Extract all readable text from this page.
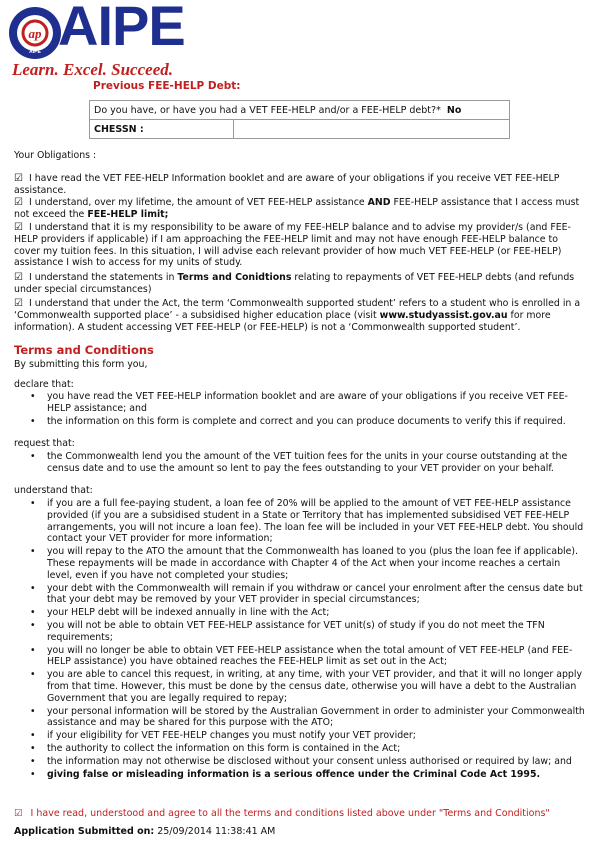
ap
AIPE AIPE
Learn. Excel. Succeed.
Previous FEE-HELP Debt:
Do you have, or have you had a VET FEE-HELP and/or a FEE-HELP debt?* No
CHESSN :	
Your Obligations :
☑ I have read the VET FEE-HELP Information booklet and are aware of your obligations if you receive VET FEE-HELP assistance.
☑ I understand, over my lifetime, the amount of VET FEE-HELP assistance AND FEE-HELP assistance that I access must not exceed the FEE-HELP limit;
☑ I understand that it is my responsibility to be aware of my FEE-HELP balance and to advise my provider/s (and FEE-HELP providers if applicable) if I am approaching the FEE-HELP limit and may not have enough FEE-HELP balance to cover my tuition fees. In this situation, I will advise each relevant provider of how much VET FEE-HELP (or FEE-HELP) assistance I wish to access for my units of study.
☑ I understand the statements in Terms and Conidtions relating to repayments of VET FEE-HELP debts (and refunds under special circumstances)
☑ I understand that under the Act, the term ‘Commonwealth supported student’ refers to a student who is enrolled in a ‘Commonwealth supported place’ - a subsidised higher education place (visit www.studyassist.gov.au for more information). A student accessing VET FEE-HELP (or FEE-HELP) is not a ‘Commonwealth supported student’.
Terms and Conditions
By submitting this form you,
declare that:
• you have read the VET FEE-HELP information booklet and are aware of your obligations if you receive VET FEE-HELP assistance; and
• the information on this form is complete and correct and you can produce documents to verify this if required.
request that:
• the Commonwealth lend you the amount of the VET tuition fees for the units in your course outstanding at the census date and to use the amount so lent to pay the fees outstanding to your VET provider on your behalf.
understand that:
• if you are a full fee-paying student, a loan fee of 20% will be applied to the amount of VET FEE-HELP assistance provided (if you are a subsidised student in a State or Territory that has implemented subsidised VET FEE-HELP arrangements, you will not incure a loan fee). The loan fee will be included in your VET FEE-HELP debt. You should contact your VET provider for more information;
• you will repay to the ATO the amount that the Commonwealth has loaned to you (plus the loan fee if applicable). These repayments will be made in accordance with Chapter 4 of the Act when your income reaches a certain level, even if you have not completed your studies;
• your debt with the Commonwealth will remain if you withdraw or cancel your enrolment after the census date but that your debt may be removed by your VET provider in special circumstances;
• your HELP debt will be indexed annually in line with the Act;
• you will not be able to obtain VET FEE-HELP assistance for VET unit(s) of study if you do not meet the TFN requirements;
• you will no longer be able to obtain VET FEE-HELP assistance when the total amount of VET FEE-HELP (and FEE-HELP assistance) you have obtained reaches the FEE-HELP limit as set out in the Act;
• you are able to cancel this request, in writing, at any time, with your VET provider, and that it will no longer apply from that time. However, this must be done by the census date, otherwise you will have a debt to the Australian Government that you are legally required to repay;
• your personal information will be stored by the Australian Government in order to administer your Commonwealth assistance and may be shared for this purpose with the ATO;
• if your eligibility for VET FEE-HELP changes you must notify your VET provider;
• the authority to collect the information on this form is contained in the Act;
• the information may not otherwise be disclosed without your consent unless authorised or required by law; and
• giving false or misleading information is a serious offence under the Criminal Code Act 1995.
☑ I have read, understood and agree to all the terms and conditions listed above under "Terms and Conditions"
Application Submitted on: 25/09/2014 11:38:41 AM
